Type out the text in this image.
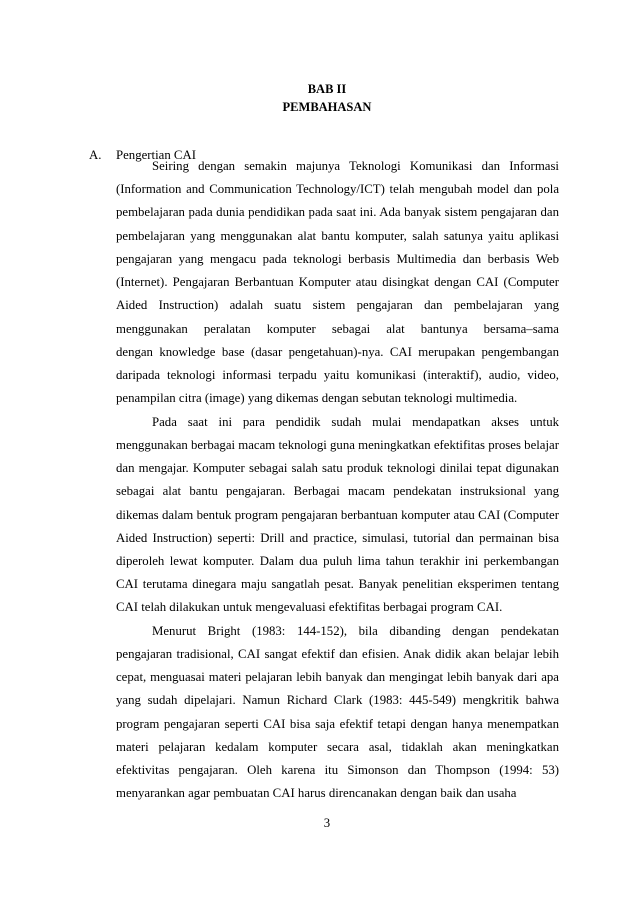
BAB II
PEMBAHASAN
A. Pengertian CAI
Seiring dengan semakin majunya Teknologi Komunikasi dan Informasi
(Information and Communication Technology/ICT) telah mengubah model dan pola
pembelajaran pada dunia pendidikan pada saat ini. Ada banyak sistem pengajaran dan
pembelajaran yang menggunakan alat bantu komputer, salah satunya yaitu aplikasi
pengajaran yang mengacu pada teknologi berbasis Multimedia dan berbasis Web
(Internet). Pengajaran Berbantuan Komputer atau disingkat dengan CAI (Computer
Aided Instruction) adalah suatu sistem pengajaran dan pembelajaran yang
menggunakan peralatan komputer sebagai alat bantunya bersama–sama
dengan knowledge base (dasar pengetahuan)-nya. CAI merupakan pengembangan
daripada teknologi informasi terpadu yaitu komunikasi (interaktif), audio, video,
penampilan citra (image) yang dikemas dengan sebutan teknologi multimedia.
Pada saat ini para pendidik sudah mulai mendapatkan akses untuk
menggunakan berbagai macam teknologi guna meningkatkan efektifitas proses belajar
dan mengajar. Komputer sebagai salah satu produk teknologi dinilai tepat digunakan
sebagai alat bantu pengajaran. Berbagai macam pendekatan instruksional yang
dikemas dalam bentuk program pengajaran berbantuan komputer atau CAI (Computer
Aided Instruction) seperti: Drill and practice, simulasi, tutorial dan permainan bisa
diperoleh lewat komputer. Dalam dua puluh lima tahun terakhir ini perkembangan
CAI terutama dinegara maju sangatlah pesat. Banyak penelitian eksperimen tentang
CAI telah dilakukan untuk mengevaluasi efektifitas berbagai program CAI.
Menurut Bright (1983: 144-152), bila dibanding dengan pendekatan
pengajaran tradisional, CAI sangat efektif dan efisien. Anak didik akan belajar lebih
cepat, menguasai materi pelajaran lebih banyak dan mengingat lebih banyak dari apa
yang sudah dipelajari. Namun Richard Clark (1983: 445-549) mengkritik bahwa
program pengajaran seperti CAI bisa saja efektif tetapi dengan hanya menempatkan
materi pelajaran kedalam komputer secara asal, tidaklah akan meningkatkan
efektivitas pengajaran. Oleh karena itu Simonson dan Thompson (1994: 53)
menyarankan agar pembuatan CAI harus direncanakan dengan baik dan usaha
3
